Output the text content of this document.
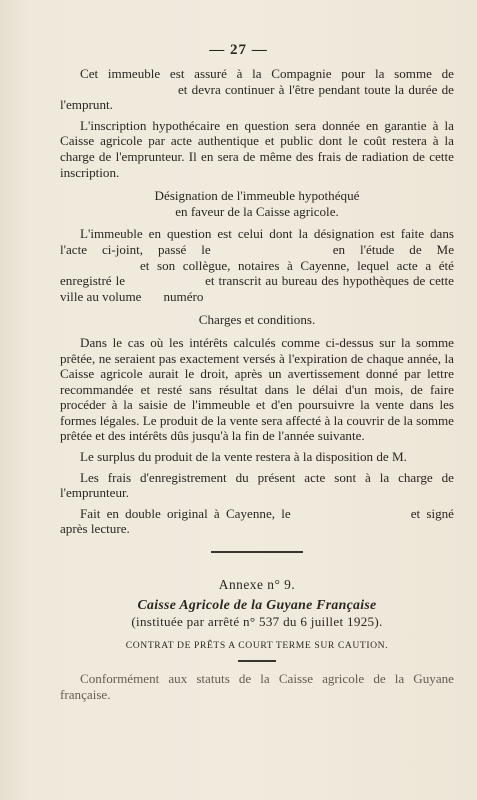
— 27 —

Cet immeuble est assuré à la Compagnie pour la somme deet devra continuer à l'être pendant toute la durée de l'emprunt.

L'inscription hypothécaire en question sera donnée en garantie à la Caisse agricole par acte authentique et public dont le coût restera à la charge de l'emprunteur. Il en sera de même des frais de radiation de cette inscription.

Désignation de l'immeuble hypothéqué
en faveur de la Caisse agricole.

L'immeuble en question est celui dont la désignation est faite dans l'acte ci-joint, passé le	en l'étude de Meet son collègue, notaires à Cayenne, lequel acte a été enregistré le	et transcrit au bureau des hypothèques de cette ville au volume numéro

Charges et conditions.

Dans le cas où les intérêts calculés comme ci-dessus sur la somme prêtée, ne seraient pas exactement versés à l'expiration de chaque année, la Caisse agricole aurait le droit, après un avertissement donné par lettre recommandée et resté sans résultat dans le délai d'un mois, de faire procéder à la saisie de l'immeuble et d'en poursuivre la vente dans les formes légales. Le produit de la vente sera affecté à la couvrir de la somme prêtée et des intérêts dûs jusqu'à la fin de l'année suivante.

Le surplus du produit de la vente restera à la disposition de M.

Les frais d'enregistrement du présent acte sont à la charge de l'emprunteur.

Fait en double original à Cayenne, le	et signé après lecture.

Annexe n° 9.
Caisse Agricole de la Guyane Française
(instituée par arrêté n° 537 du 6 juillet 1925).
CONTRAT DE PRÊTS A COURT TERME SUR CAUTION.

Conformément aux statuts de la Caisse agricole de la Guyane française.
